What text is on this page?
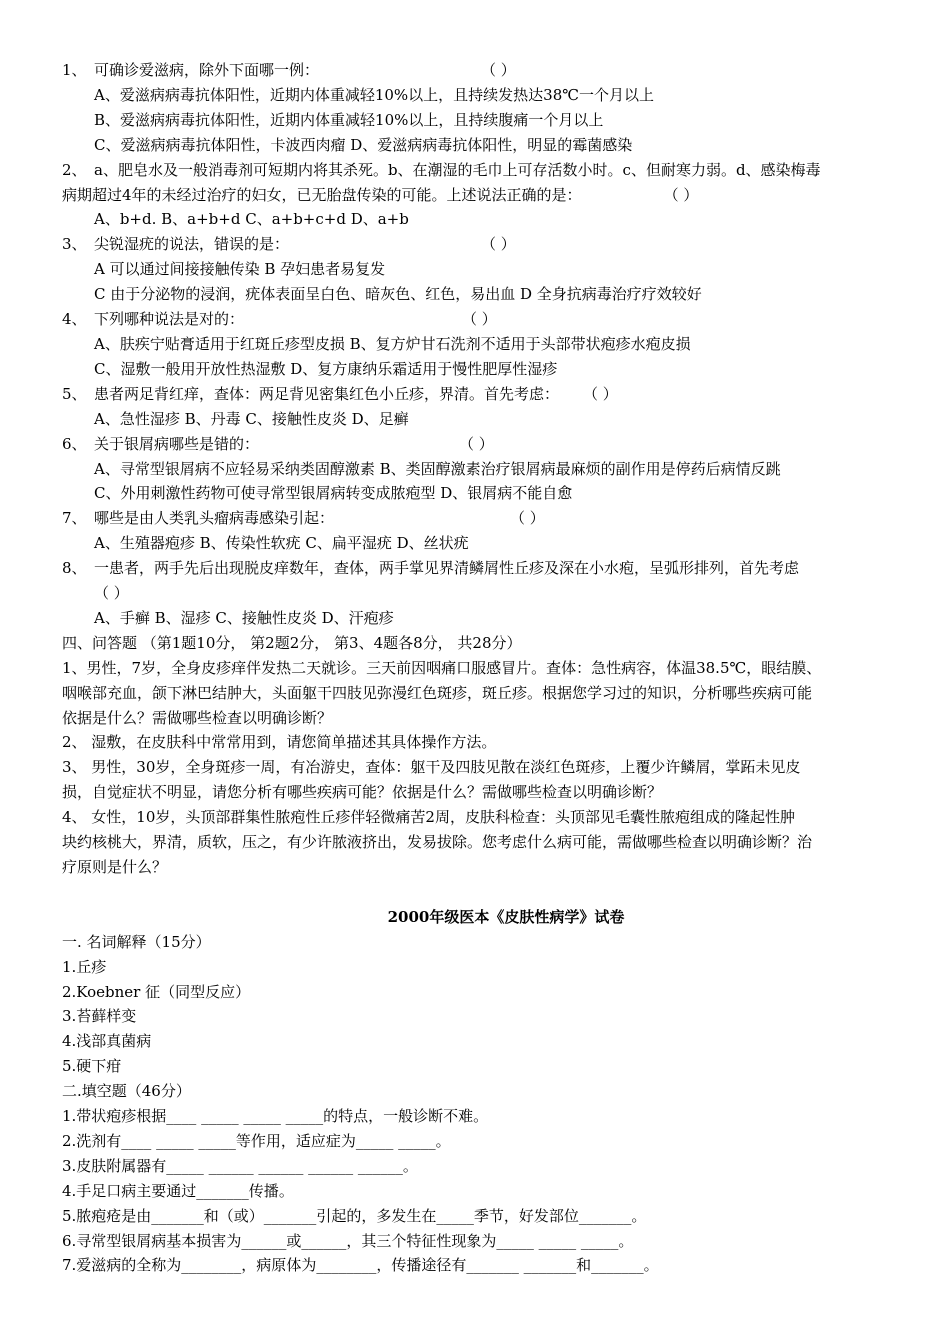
1、 可确诊爱滋病，除外下面哪一例：	（ ）
A、爱滋病病毒抗体阳性，近期内体重减轻10%以上，且持续发热达38℃一个月以上
B、爱滋病病毒抗体阳性，近期内体重减轻10%以上，且持续腹痛一个月以上
C、爱滋病病毒抗体阳性，卡波西肉瘤 D、爱滋病病毒抗体阳性，明显的霉菌感染
2、 a、肥皂水及一般消毒剂可短期内将其杀死。b、在潮湿的毛巾上可存活数小时。c、但耐寒力弱。d、感染梅毒
病期超过4年的未经过治疗的妇女，已无胎盘传染的可能。上述说法正确的是：	（ ）
A、b+d. B、a+b+d C、a+b+c+d D、a+b
3、 尖锐湿疣的说法，错误的是：	（ ）
A 可以通过间接接触传染 B 孕妇患者易复发
C 由于分泌物的浸润，疣体表面呈白色、暗灰色、红色，易出血 D 全身抗病毒治疗疗效较好
4、 下列哪种说法是对的：	（ ）
A、肤疾宁贴膏适用于红斑丘疹型皮损 B、复方炉甘石洗剂不适用于头部带状疱疹水疱皮损
C、湿敷一般用开放性热湿敷 D、复方康纳乐霜适用于慢性肥厚性湿疹
5、 患者两足背红痒，查体：两足背见密集红色小丘疹，界清。首先考虑： （ ）
A、急性湿疹 B、丹毒 C、接触性皮炎 D、足癣
6、 关于银屑病哪些是错的：	（ ）
A、寻常型银屑病不应轻易采纳类固醇激素 B、类固醇激素治疗银屑病最麻烦的副作用是停药后病情反跳
C、外用刺激性药物可使寻常型银屑病转变成脓疱型 D、银屑病不能自愈
7、 哪些是由人类乳头瘤病毒感染引起：	（ ）
A、生殖器疱疹 B、传染性软疣 C、扁平湿疣 D、丝状疣
8、 一患者，两手先后出现脱皮痒数年，查体，两手掌见界清鳞屑性丘疹及深在小水疱，呈弧形排列，首先考虑
（ ）
A、手癣 B、湿疹 C、接触性皮炎 D、汗疱疹
四、问答题 （第1题10分， 第2题2分， 第3、4题各8分， 共28分）
1、男性，7岁，全身皮疹痒伴发热二天就诊。三天前因咽痛口服感冒片。查体：急性病容，体温38.5℃，眼结膜、
咽喉部充血，颌下淋巴结肿大，头面躯干四肢见弥漫红色斑疹，斑丘疹。根据您学习过的知识，分析哪些疾病可能
依据是什么？需做哪些检查以明确诊断？
2、 湿敷，在皮肤科中常常用到，请您简单描述其具体操作方法。
3、 男性，30岁，全身斑疹一周，有冶游史，查体：躯干及四肢见散在淡红色斑疹，上覆少许鳞屑，掌跖未见皮
损，自觉症状不明显，请您分析有哪些疾病可能？依据是什么？需做哪些检查以明确诊断？
4、 女性，10岁，头顶部群集性脓疱性丘疹伴轻微痛苦2周，皮肤科检查：头顶部见毛囊性脓疱组成的隆起性肿
块约核桃大，界清，质软，压之，有少许脓液挤出，发易拔除。您考虑什么病可能，需做哪些检查以明确诊断？治
疗原则是什么？
2000年级医本《皮肤性病学》试卷
一. 名词解释（15分）
1.丘疹
2.Koebner 征（同型反应）
3.苔藓样变
4.浅部真菌病
5.硬下疳
二.填空题（46分）
1.带状疱疹根据____ _____ _____ _____的特点，一般诊断不难。
2.洗剂有____ _____ _____等作用，适应症为_____ _____。
3.皮肤附属器有_____ ______ ______ ______ ______。
4.手足口病主要通过_______传播。
5.脓疱疮是由_______和（或）_______引起的，多发生在_____季节，好发部位_______。
6.寻常型银屑病基本损害为______或______，其三个特征性现象为_____ _____ _____。
7.爱滋病的全称为________，病原体为________，传播途径有_______ _______和_______。
